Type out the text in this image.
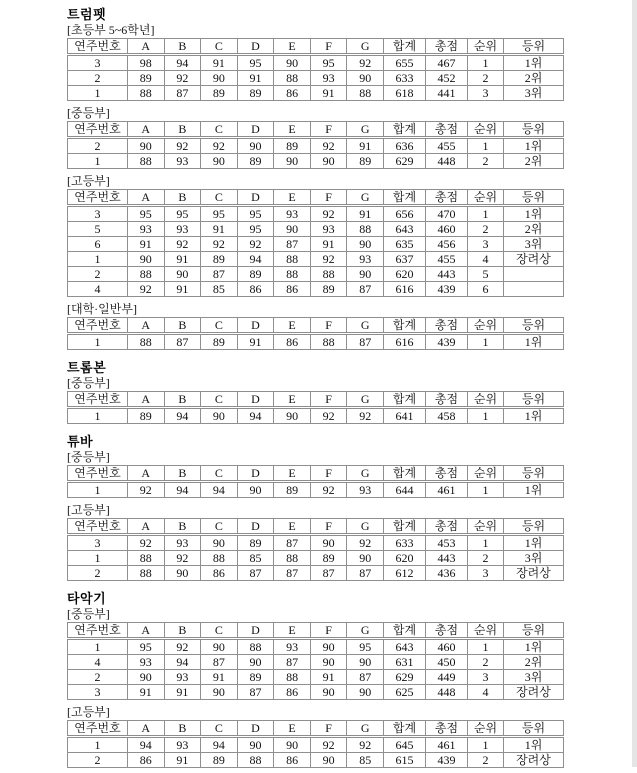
트럼펫
[초등부 5~6학년]
연주번호	A	B	C	D	E	F	G	합계	총점	순위	등위
3	98	94	91	95	90	95	92	655	467	1	1위
2	89	92	90	91	88	93	90	633	452	2	2위
1	88	87	89	89	86	91	88	618	441	3	3위
[중등부]
연주번호	A	B	C	D	E	F	G	합계	총점	순위	등위
2	90	92	92	90	89	92	91	636	455	1	1위
1	88	93	90	89	90	90	89	629	448	2	2위
[고등부]
연주번호	A	B	C	D	E	F	G	합계	총점	순위	등위
3	95	95	95	95	93	92	91	656	470	1	1위
5	93	93	91	95	90	93	88	643	460	2	2위
6	91	92	92	92	87	91	90	635	456	3	3위
1	90	91	89	94	88	92	93	637	455	4	장려상
2	88	90	87	89	88	88	90	620	443	5	
4	92	91	85	86	86	89	87	616	439	6	
[대학·일반부]
연주번호	A	B	C	D	E	F	G	합계	총점	순위	등위
1	88	87	89	91	86	88	87	616	439	1	1위
트롬본
[중등부]
연주번호	A	B	C	D	E	F	G	합계	총점	순위	등위
1	89	94	90	94	90	92	92	641	458	1	1위
튜바
[중등부]
연주번호	A	B	C	D	E	F	G	합계	총점	순위	등위
1	92	94	94	90	89	92	93	644	461	1	1위
[고등부]
연주번호	A	B	C	D	E	F	G	합계	총점	순위	등위
3	92	93	90	89	87	90	92	633	453	1	1위
1	88	92	88	85	88	89	90	620	443	2	3위
2	88	90	86	87	87	87	87	612	436	3	장려상
타악기
[중등부]
연주번호	A	B	C	D	E	F	G	합계	총점	순위	등위
1	95	92	90	88	93	90	95	643	460	1	1위
4	93	94	87	90	87	90	90	631	450	2	2위
2	90	93	91	89	88	91	87	629	449	3	3위
3	91	91	90	87	86	90	90	625	448	4	장려상
[고등부]
연주번호	A	B	C	D	E	F	G	합계	총점	순위	등위
1	94	93	94	90	90	92	92	645	461	1	1위
2	86	91	89	88	86	90	85	615	439	2	장려상
